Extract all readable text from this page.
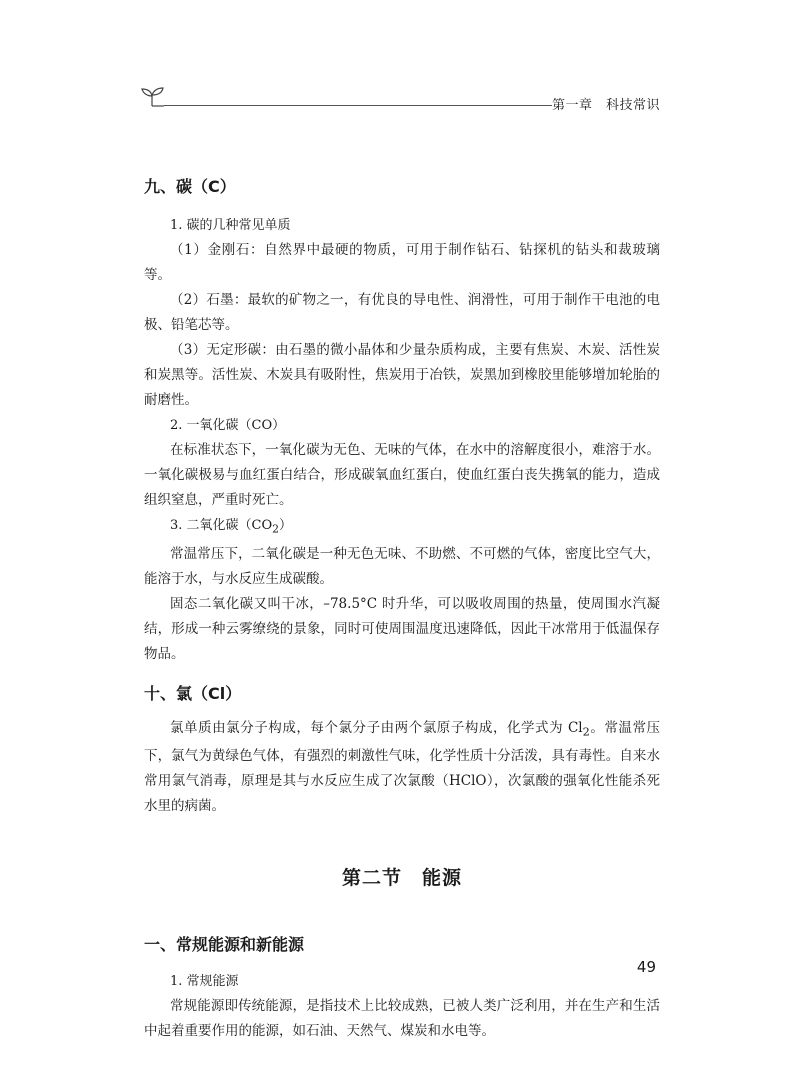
第一章　科技常识
九、碳（C）
1. 碳的几种常见单质

（1）金刚石：自然界中最硬的物质，可用于制作钻石、钻探机的钻头和裁玻璃等。

（2）石墨：最软的矿物之一，有优良的导电性、润滑性，可用于制作干电池的电极、铅笔芯等。

（3）无定形碳：由石墨的微小晶体和少量杂质构成，主要有焦炭、木炭、活性炭和炭黑等。活性炭、木炭具有吸附性，焦炭用于冶铁，炭黑加到橡胶里能够增加轮胎的耐磨性。

2. 一氧化碳（CO）

在标准状态下，一氧化碳为无色、无味的气体，在水中的溶解度很小，难溶于水。一氧化碳极易与血红蛋白结合，形成碳氧血红蛋白，使血红蛋白丧失携氧的能力，造成组织窒息，严重时死亡。

3. 二氧化碳$(CO_2)$

常温常压下，二氧化碳是一种无色无味、不助燃、不可燃的气体，密度比空气大，能溶于水，与水反应生成碳酸。

固态二氧化碳又叫干冰，–78.5°C 时升华，可以吸收周围的热量，使周围水汽凝结，形成一种云雾缭绕的景象，同时可使周围温度迅速降低，因此干冰常用于低温保存物品。

十、氯（Cl）

氯单质由氯分子构成，每个氯分子由两个氯原子构成，化学式为 $Cl_2$。常温常压下，氯气为黄绿色气体，有强烈的刺激性气味，化学性质十分活泼，具有毒性。自来水常用氯气消毒，原理是其与水反应生成了次氯酸（HClO），次氯酸的强氧化性能杀死水里的病菌。

第二节　能源
一、常规能源和新能源
1. 常规能源

常规能源即传统能源，是指技术上比较成熟，已被人类广泛利用，并在生产和生活中起着重要作用的能源，如石油、天然气、煤炭和水电等。

49
